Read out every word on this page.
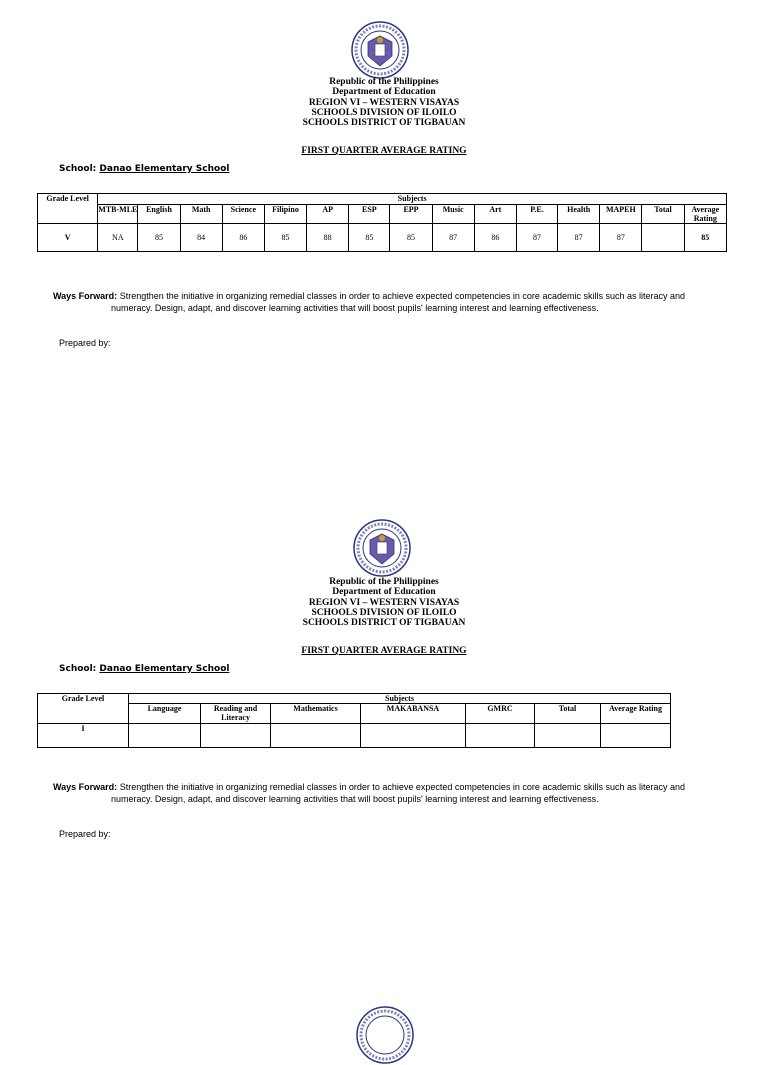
Republic of the Philippines
Department of Education
REGION VI – WESTERN VISAYAS
SCHOOLS DIVISION OF ILOILO
SCHOOLS DISTRICT OF TIGBAUAN
FIRST QUARTER AVERAGE RATING
School: Danao Elementary School
Grade Level	Subjects														
	MTB-MLE	English	Math	Science	Filipino	AP	ESP	EPP	Music	Art	P.E.	Health	MAPEH	Total	Average Rating
V	NA	85	84	86	85	88	85	85	87	86	87	87	87		85
Ways Forward: Strengthen the initiative in organizing remedial classes in order to achieve expected competencies in core academic skills such as literacy and
numeracy. Design, adapt, and discover learning activities that will boost pupils' learning interest and learning effectiveness.
Prepared by:
Republic of the Philippines
Department of Education
REGION VI – WESTERN VISAYAS
SCHOOLS DIVISION OF ILOILO
SCHOOLS DISTRICT OF TIGBAUAN
FIRST QUARTER AVERAGE RATING
School: Danao Elementary School
Grade Level	Subjects						
	Language	Reading and Literacy	Mathematics	MAKABANSA	GMRC	Total	Average Rating
I							
Ways Forward: Strengthen the initiative in organizing remedial classes in order to achieve expected competencies in core academic skills such as literacy and
numeracy. Design, adapt, and discover learning activities that will boost pupils' learning interest and learning effectiveness.
Prepared by:
